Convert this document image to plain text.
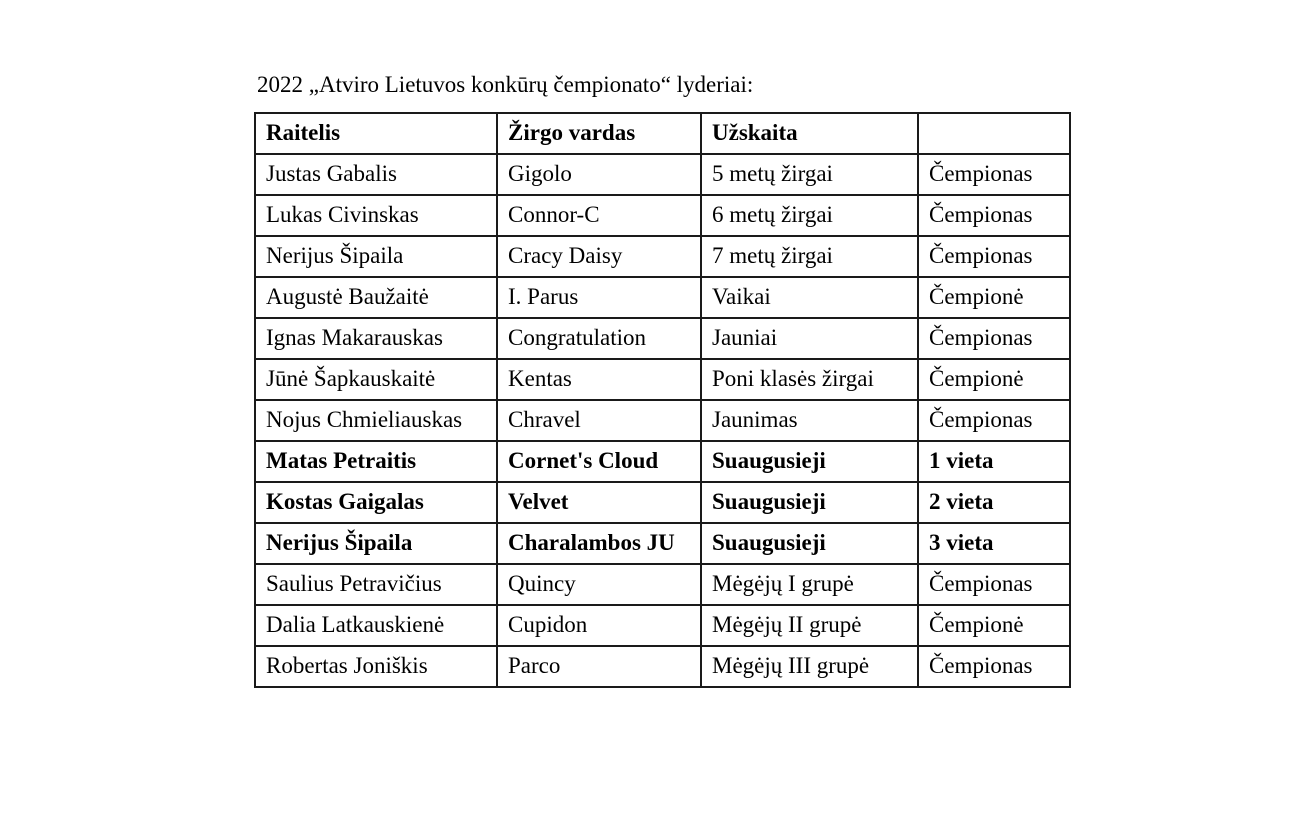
2022 „Atviro Lietuvos konkūrų čempionato“ lyderiai:
Raitelis	Žirgo vardas	Užskaita	
Justas Gabalis	Gigolo	5 metų žirgai	Čempionas
Lukas Civinskas	Connor-C	6 metų žirgai	Čempionas
Nerijus Šipaila	Cracy Daisy	7 metų žirgai	Čempionas
Augustė Baužaitė	I. Parus	Vaikai	Čempionė
Ignas Makarauskas	Congratulation	Jauniai	Čempionas
Jūnė Šapkauskaitė	Kentas	Poni klasės žirgai	Čempionė
Nojus Chmieliauskas	Chravel	Jaunimas	Čempionas
Matas Petraitis	Cornet's Cloud	Suaugusieji	1 vieta
Kostas Gaigalas	Velvet	Suaugusieji	2 vieta
Nerijus Šipaila	Charalambos JU	Suaugusieji	3 vieta
Saulius Petravičius	Quincy	Mėgėjų I grupė	Čempionas
Dalia Latkauskienė	Cupidon	Mėgėjų II grupė	Čempionė
Robertas Joniškis	Parco	Mėgėjų III grupė	Čempionas
